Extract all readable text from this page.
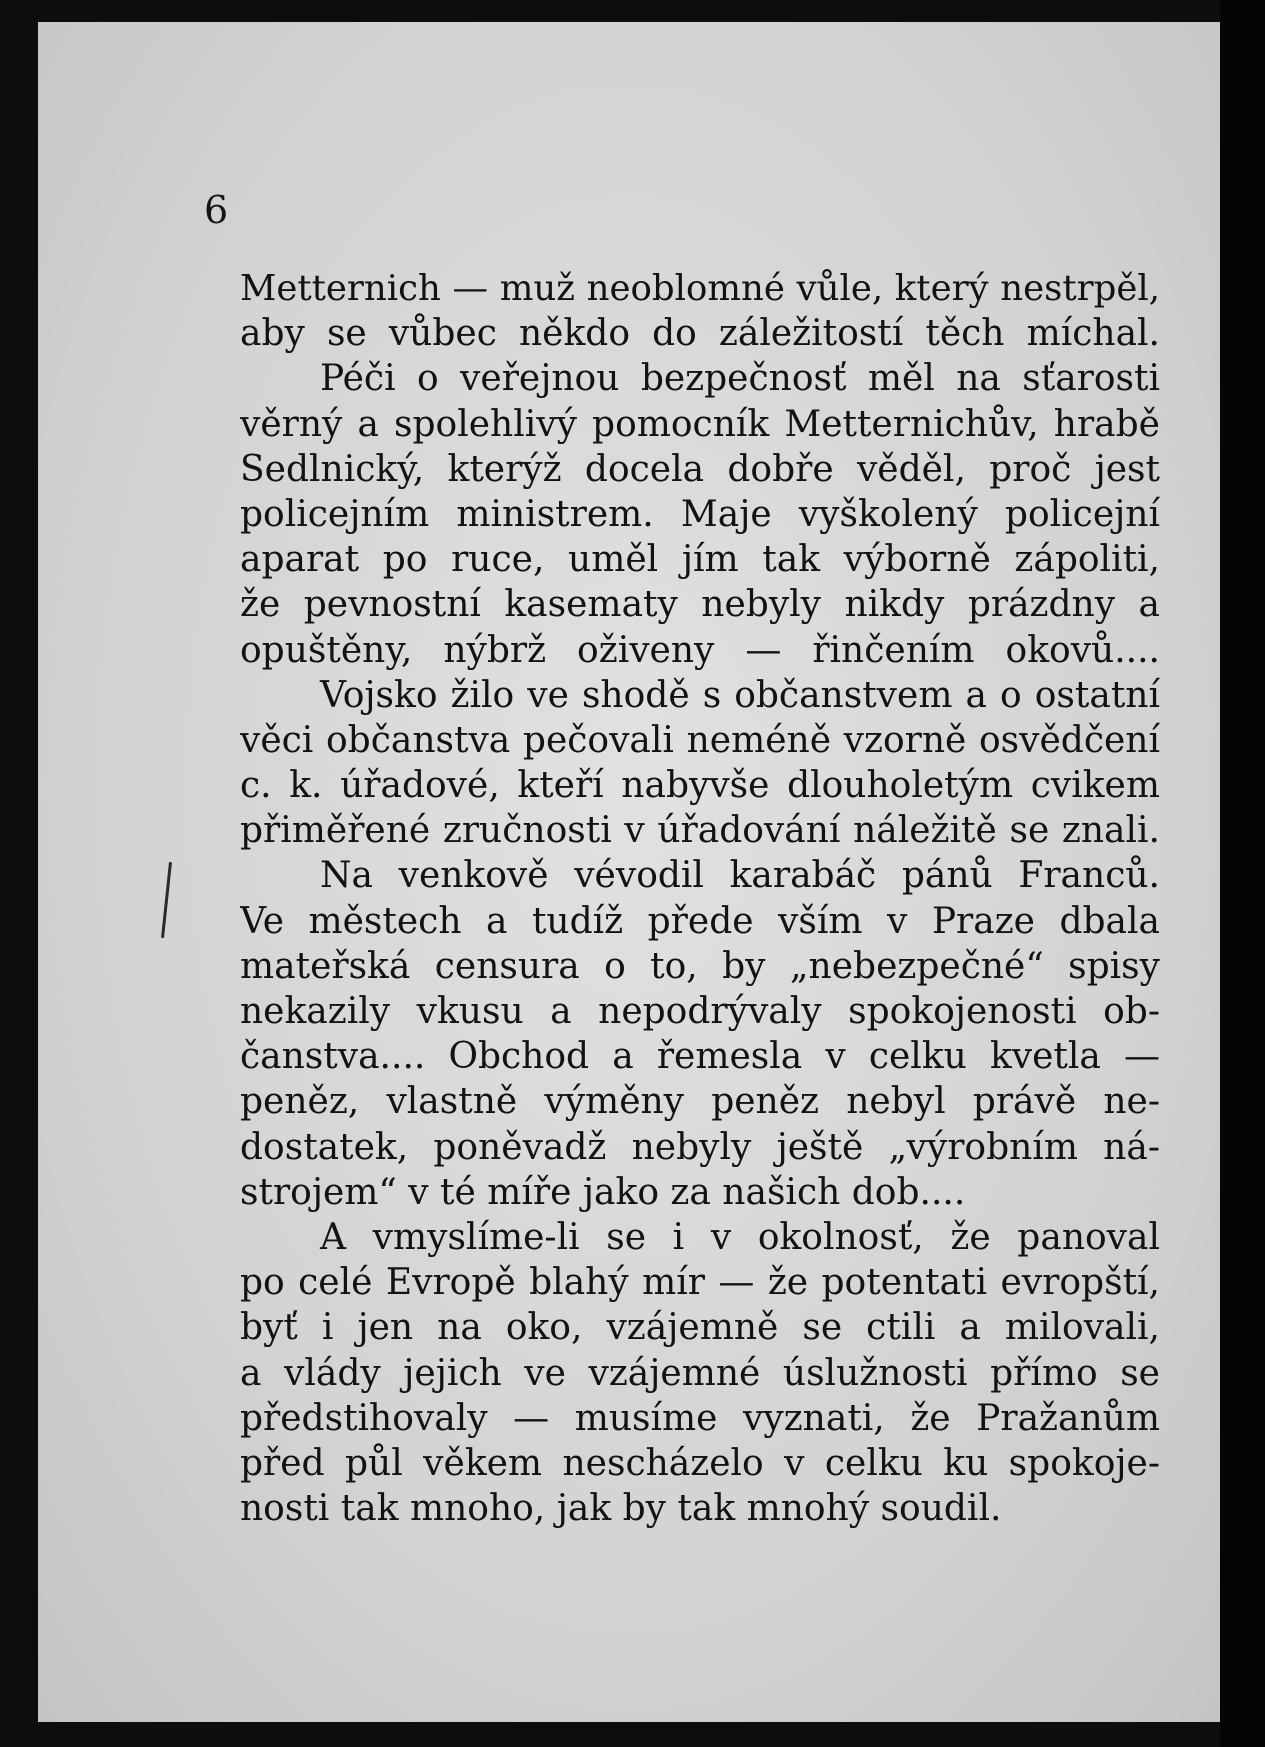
6

Metternich — muž neoblomné vůle, který nestrpěl,
aby se vůbec někdo do záležitostí těch míchal.
Péči o veřejnou bezpečnosť měl na sťarosti
věrný a spolehlivý pomocník Metternichův, hrabě
Sedlnický, kterýž docela dobře věděl, proč jest
policejním ministrem. Maje vyškolený policejní
aparat po ruce, uměl jím tak výborně zápoliti,
že pevnostní kasematy nebyly nikdy prázdny a
opuštěny, nýbrž oživeny — řinčením okovů....
Vojsko žilo ve shodě s občanstvem a o ostatní
věci občanstva pečovali neméně vzorně osvědčení
c. k. úřadové, kteří nabyvše dlouholetým cvikem
přiměřené zručnosti v úřadování náležitě se znali.
Na venkově vévodil karabáč pánů Franců.
Ve městech a tudíž přede vším v Praze dbala
mateřská censura o to, by „nebezpečné“ spisy
nekazily vkusu a nepodrývaly spokojenosti ob-
čanstva.... Obchod a řemesla v celku kvetla —
peněz, vlastně výměny peněz nebyl právě ne-
dostatek, poněvadž nebyly ještě „výrobním ná-
strojem“ v té míře jako za našich dob....
A vmyslíme-li se i v okolnosť, že panoval
po celé Evropě blahý mír — že potentati evropští,
byť i jen na oko, vzájemně se ctili a milovali,
a vlády jejich ve vzájemné úslužnosti přímo se
předstihovaly — musíme vyznati, že Pražanům
před půl věkem nescházelo v celku ku spokoje-
nosti tak mnoho, jak by tak mnohý soudil.
